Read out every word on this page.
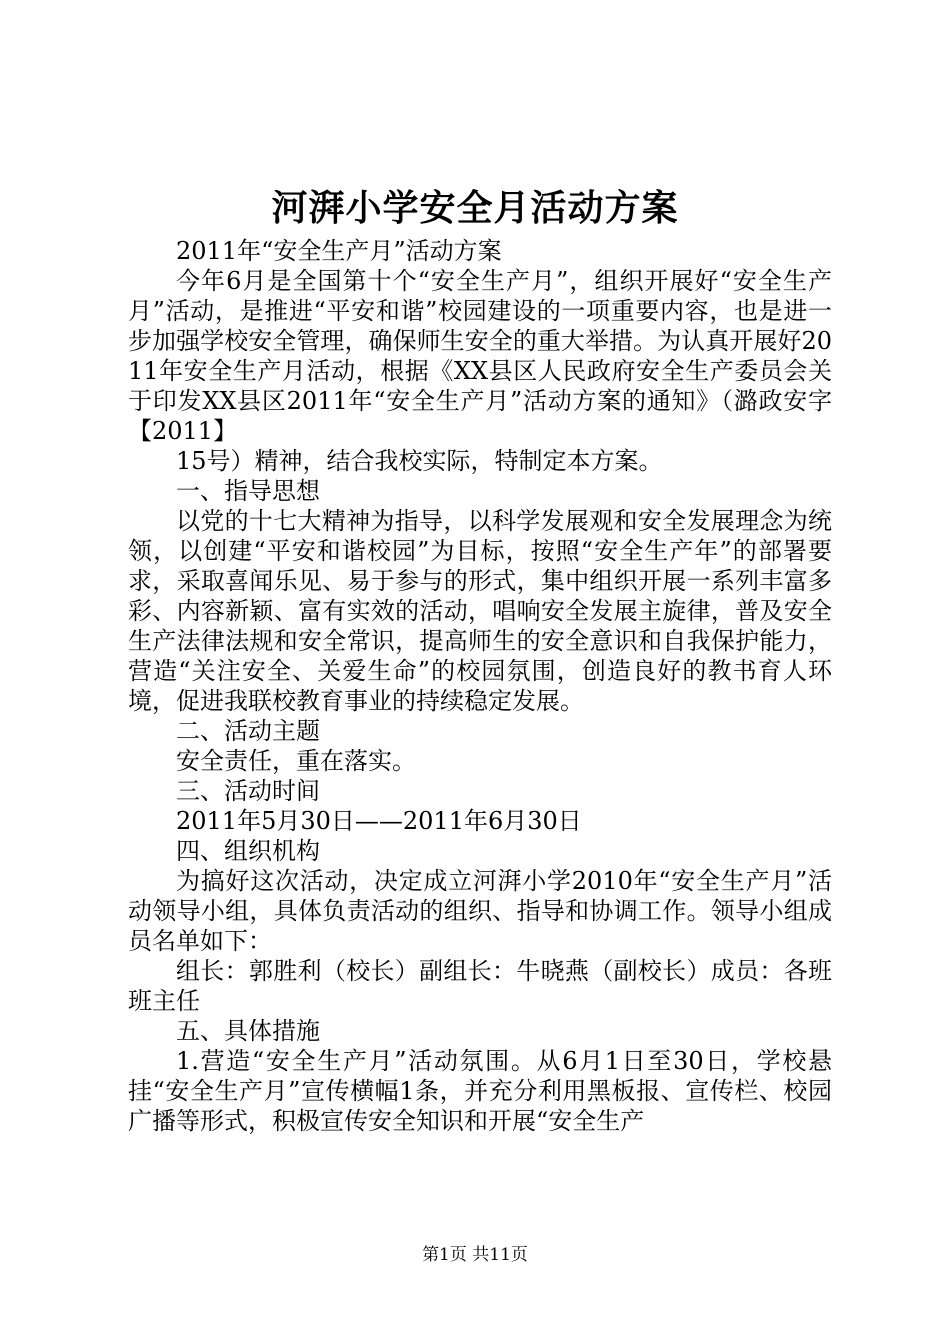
河湃小学安全月活动方案

2011年“安全生产月”活动方案

今年6月是全国第十个“安全生产月”，组织开展好“安全生产月”活动，是推进“平安和谐”校园建设的一项重要内容，也是进一步加强学校安全管理，确保师生安全的重大举措。为认真开展好2011年安全生产月活动，根据《XX县区人民政府安全生产委员会关于印发XX县区2011年“安全生产月”活动方案的通知》（潞政安字【2011】

15号）精神，结合我校实际，特制定本方案。

一、指导思想

以党的十七大精神为指导，以科学发展观和安全发展理念为统领，以创建“平安和谐校园”为目标，按照“安全生产年”的部署要求，采取喜闻乐见、易于参与的形式，集中组织开展一系列丰富多彩、内容新颖、富有实效的活动，唱响安全发展主旋律，普及安全生产法律法规和安全常识，提高师生的安全意识和自我保护能力，营造“关注安全、关爱生命”的校园氛围，创造良好的教书育人环境，促进我联校教育事业的持续稳定发展。

二、活动主题

安全责任，重在落实。

三、活动时间

2011年5月30日——2011年6月30日

四、组织机构

为搞好这次活动，决定成立河湃小学2010年“安全生产月”活动领导小组，具体负责活动的组织、指导和协调工作。领导小组成员名单如下：

组长：郭胜利（校长）副组长：牛晓燕（副校长）成员：各班班主任

五、具体措施

1.营造“安全生产月”活动氛围。从6月1日至30日，学校悬挂“安全生产月”宣传横幅1条，并充分利用黑板报、宣传栏、校园广播等形式，积极宣传安全知识和开展“安全生产

第1页 共11页
